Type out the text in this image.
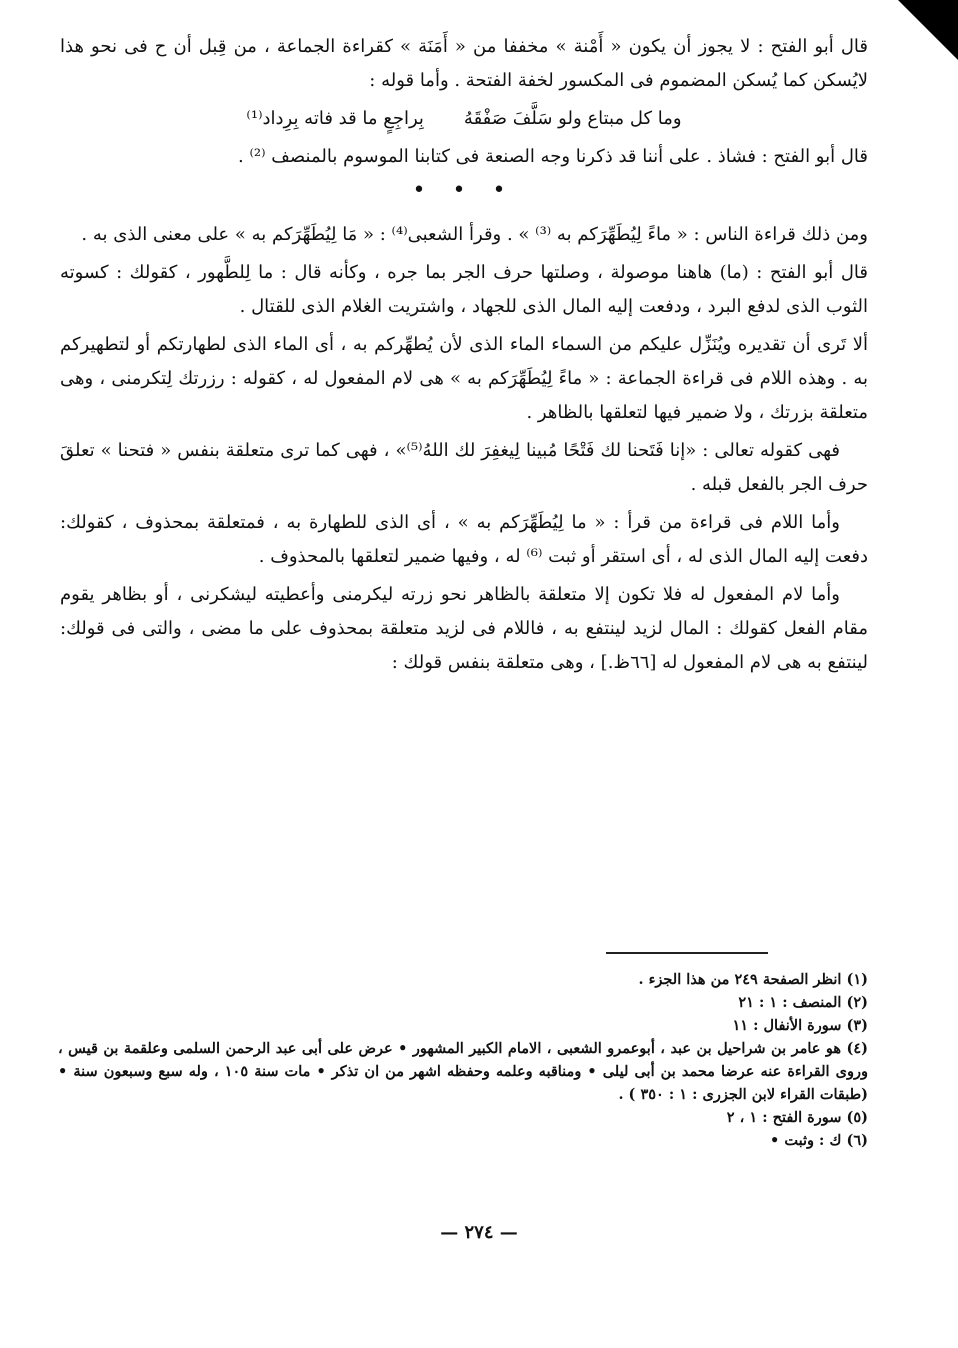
قال أبو الفتح : لا يجوز أن يكون « أَمْنة » مخففا من « أَمَنَة » كقراءة الجماعة ، من قِبل أن ح فى نحو هذا لايُسكن كما يُسكن المضموم فى المكسور لخفة الفتحة . وأما قوله :

وما كل مبتاع ولو سَلَّفَ صَفْقَهُ
بِراجِعٍ ما قد فاته بِرِداد⁽¹⁾

قال أبو الفتح : فشاذ . على أننا قد ذكرنا وجه الصنعة فى كتابنا الموسوم بالمنصف ⁽²⁾ .

• • •

ومن ذلك قراءة الناس : « ماءً لِيُطَهِّرَكم به ⁽³⁾ » . وقرأ الشعبى⁽⁴⁾ : « مَا لِيُطَهِّرَكم به » على معنى الذى به .

قال أبو الفتح : (ما) هاهنا موصولة ، وصلتها حرف الجر بما جره ، وكأنه قال : ما لِلطَّهور ، كقولك : كسوته الثوب الذى لدفع البرد ، ودفعت إليه المال الذى للجهاد ، واشتريت الغلام الذى للقتال .

ألا تَرى أن تقديره ويُنَزِّل عليكم من السماء الماء الذى لأن يُطهِّركم به ، أى الماء الذى لطهارتكم أو لتطهيركم به . وهذه اللام فى قراءة الجماعة : « ماءً لِيُطَهِّرَكم به » هى لام المفعول له ، كقوله : رزرتك لِتكرمنى ، وهى متعلقة بزرتك ، ولا ضمير فيها لتعلقها بالظاهر .

فهى كقوله تعالى : «إنا فَتَحنا لك فَتْحًا مُبينا لِيغفِرَ لك اللهُ⁽⁵⁾» ، فهى كما ترى متعلقة بنفس « فتحنا » تعلقَ حرف الجر بالفعل قبله .

وأما اللام فى قراءة من قرأ : « ما لِيُطَهِّرَكم به » ، أى الذى للطهارة به ، فمتعلقة بمحذوف ، كقولك: دفعت إليه المال الذى له ، أى استقر أو ثبت ⁽⁶⁾ له ، وفيها ضمير لتعلقها بالمحذوف .

وأما لام المفعول له فلا تكون إلا متعلقة بالظاهر نحو زرته ليكرمنى وأعطيته ليشكرنى ، أو بظاهر يقوم مقام الفعل كقولك : المال لزيد لينتفع به ، فاللام فى لزيد متعلقة بمحذوف على ما مضى ، والتى فى قولك: لينتفع به هى لام المفعول له [٦٦ظ.] ، وهى متعلقة بنفس قولك :

(١) انظر الصفحة ٢٤٩ من هذا الجزء .

(٢) المنصف : ١ : ٢١

(٣) سورة الأنفال : ١١

(٤) هو عامر بن شراحيل بن عبد ، أبوعمرو الشعبى ، الامام الكبير المشهور • عرض على أبى عبد الرحمن السلمى وعلقمة بن قيس ، وروى القراءة عنه عرضا محمد بن أبى ليلى • ومناقبه وعلمه وحفظه اشهر من ان تذكر • مات سنة ١٠٥ ، وله سبع وسبعون سنة • (طبقات القراء لابن الجزرى : ١ : ٣٥٠ ) .

(٥) سورة الفتح : ١ ، ٢

(٦) ك : وثبت •

— ٢٧٤ —
